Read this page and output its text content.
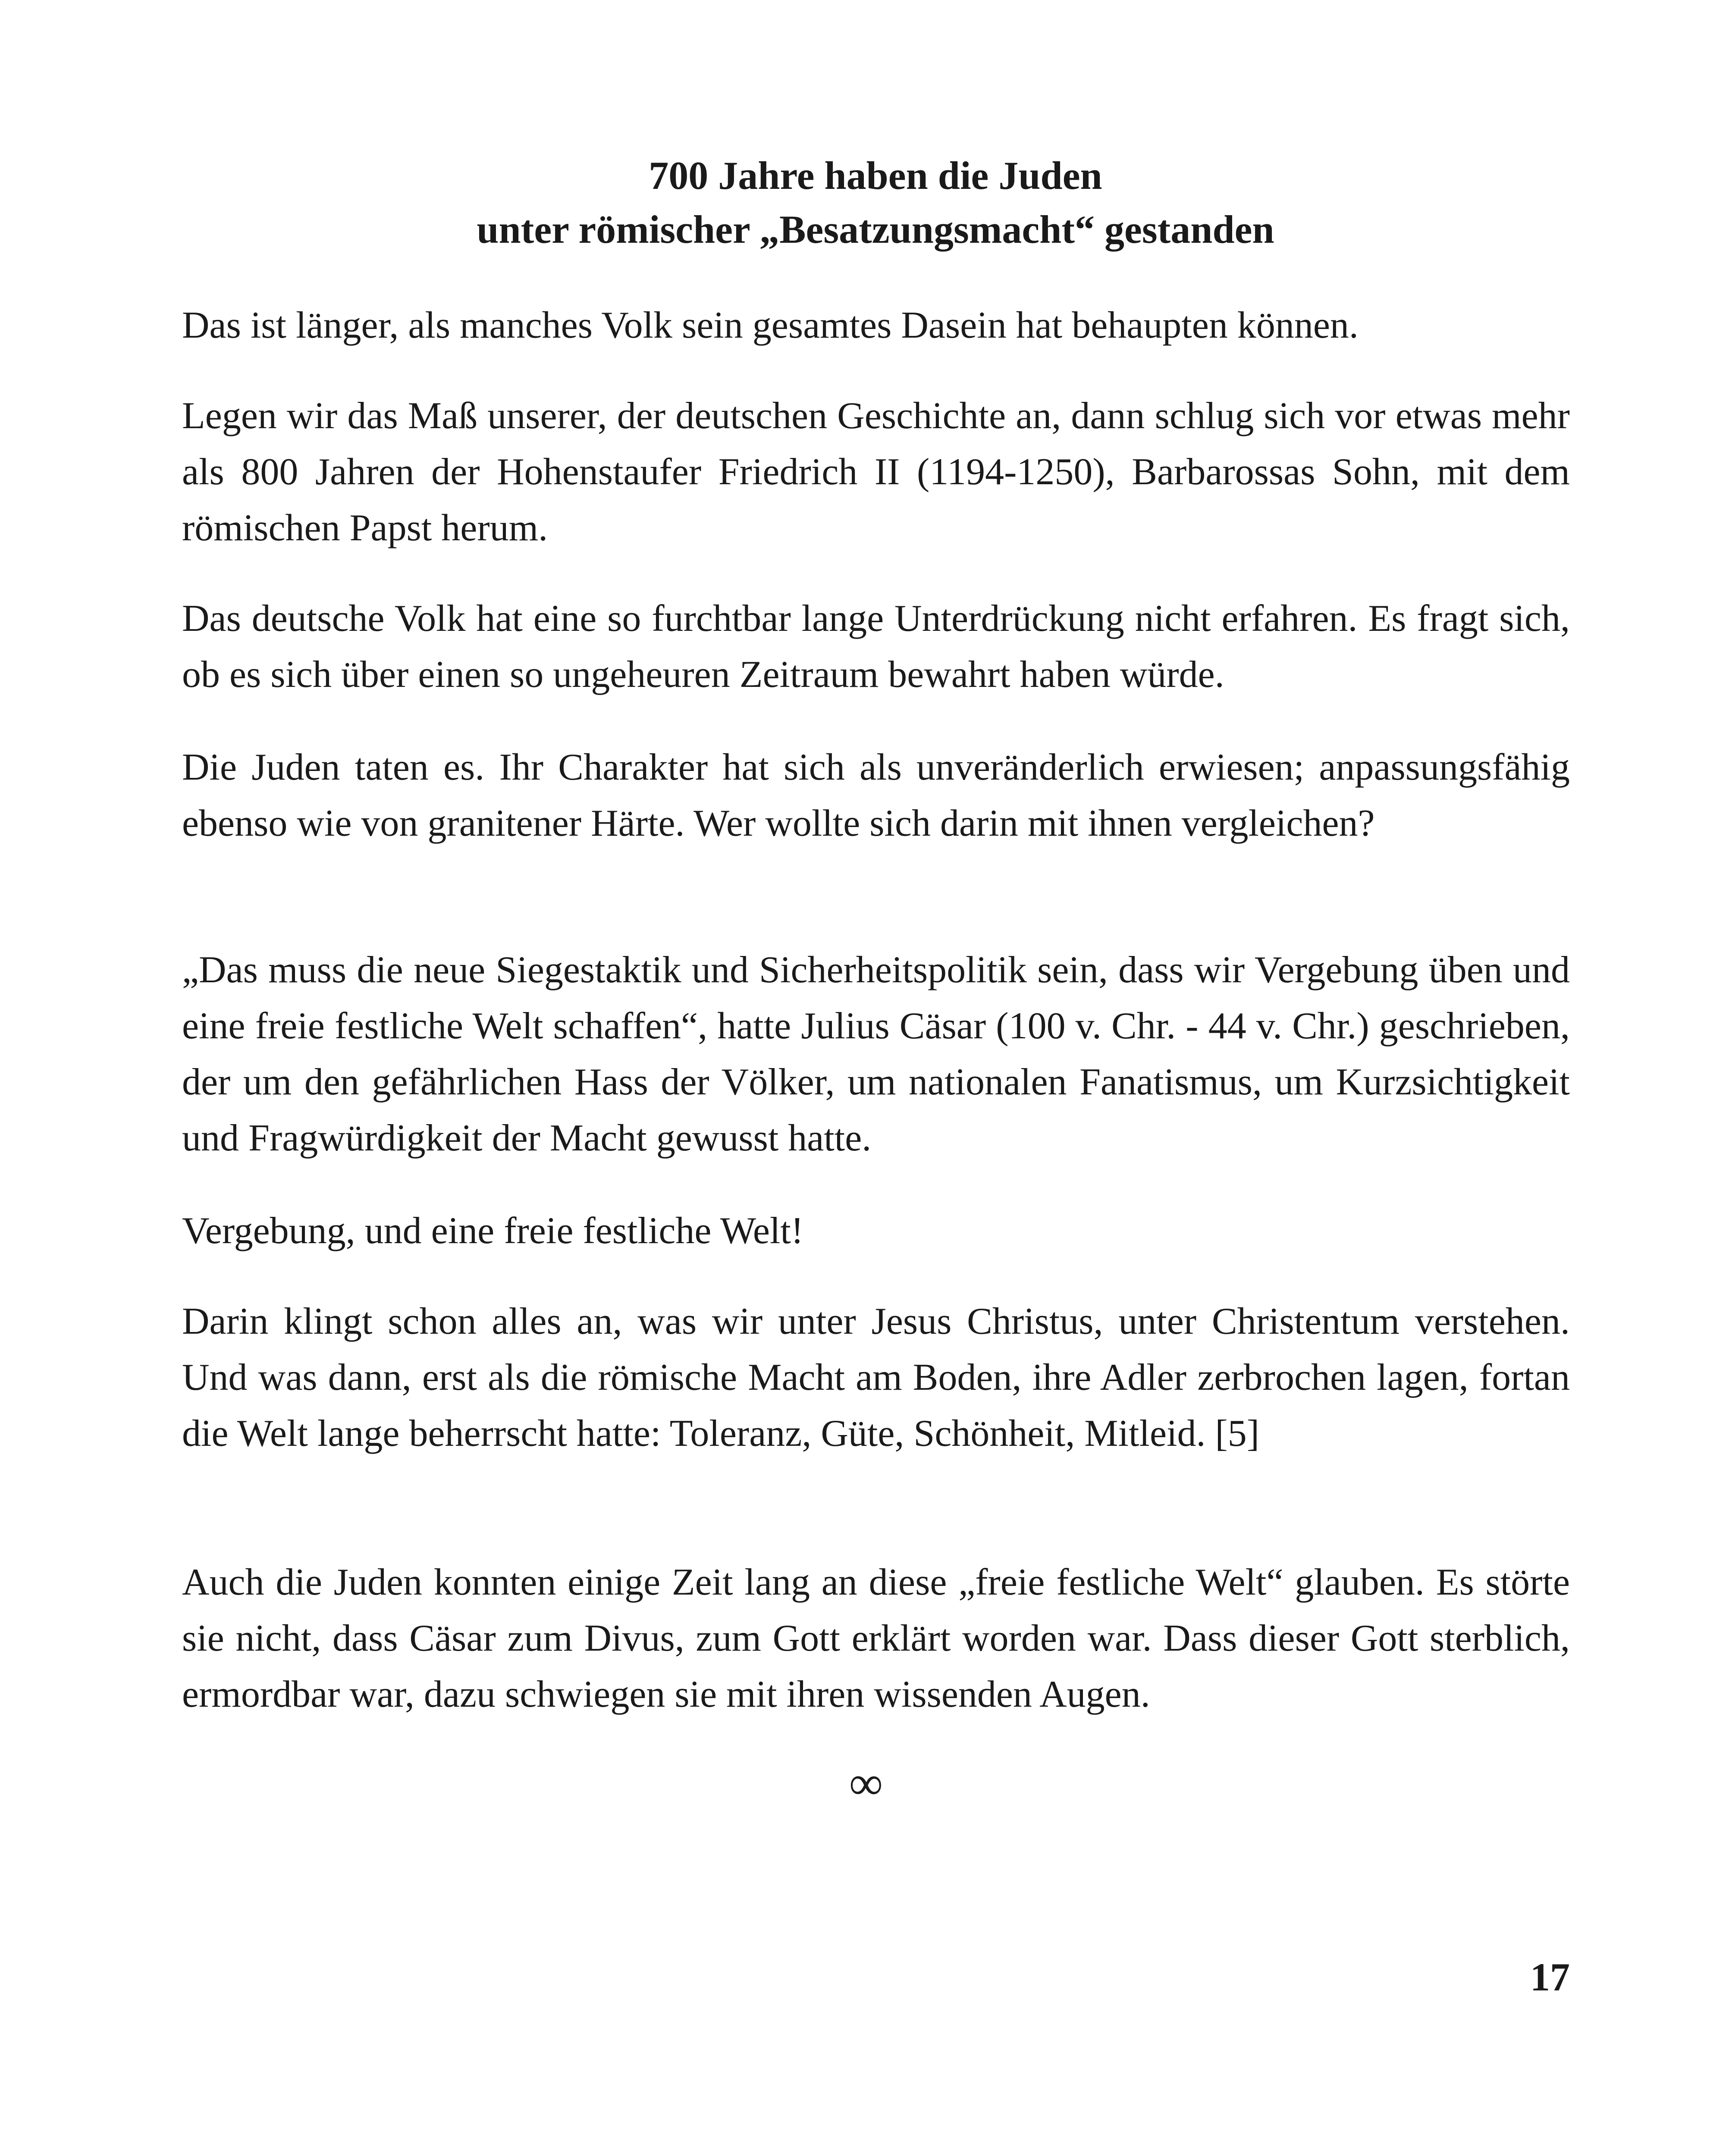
700 Jahre haben die Juden
unter römischer „Besatzungsmacht“ gestanden

Das ist länger, als manches Volk sein gesamtes Dasein hat behaupten können.

Legen wir das Maß unserer, der deutschen Geschichte an, dann schlug sich vor etwas mehr als 800 Jahren der Hohenstaufer Friedrich II (1194-1250), Barbarossas Sohn, mit dem römischen Papst herum.

Das deutsche Volk hat eine so furchtbar lange Unterdrückung nicht erfahren. Es fragt sich, ob es sich über einen so ungeheuren Zeitraum bewahrt haben würde.

Die Juden taten es. Ihr Charakter hat sich als unveränderlich erwiesen; anpassungsfähig ebenso wie von granitener Härte. Wer wollte sich darin mit ihnen vergleichen?

„Das muss die neue Siegestaktik und Sicherheitspolitik sein, dass wir Vergebung üben und eine freie festliche Welt schaffen“, hatte Julius Cäsar (100 v. Chr. - 44 v. Chr.) geschrieben, der um den gefährlichen Hass der Völker, um nationalen Fanatismus, um Kurzsichtigkeit und Fragwürdigkeit der Macht gewusst hatte.

Vergebung, und eine freie festliche Welt!

Darin klingt schon alles an, was wir unter Jesus Christus, unter Christentum verstehen. Und was dann, erst als die römische Macht am Boden, ihre Adler zerbrochen lagen, fortan die Welt lange beherrscht hatte: Toleranz, Güte, Schönheit, Mitleid. [5]

Auch die Juden konnten einige Zeit lang an diese „freie festliche Welt“ glauben. Es störte sie nicht, dass Cäsar zum Divus, zum Gott erklärt worden war. Dass dieser Gott sterblich, ermordbar war, dazu schwiegen sie mit ihren wissenden Augen.

∞

17
